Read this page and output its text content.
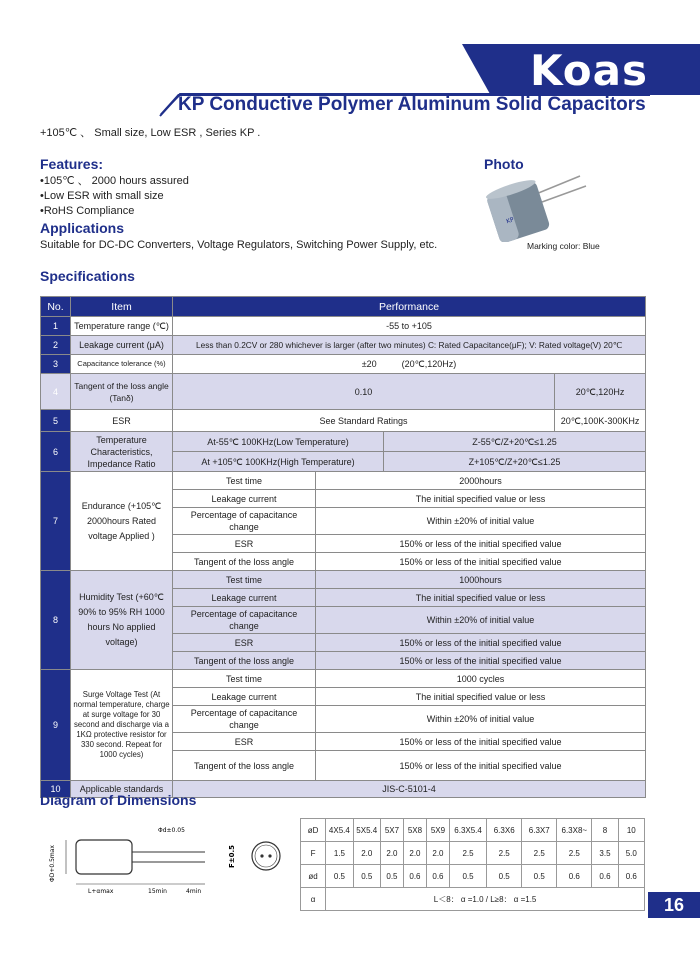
Koas
KP Conductive Polymer Aluminum Solid Capacitors
+105℃ 、 Small size, Low ESR , Series KP .
Features:
•105℃ 、 2000 hours assured
•Low ESR with small size
•RoHS Compliance
Applications
Suitable for DC-DC Converters, Voltage Regulators, Switching Power Supply, etc.
Photo
KP
Marking color: Blue
Specifications
No.	Item	Performance			
1	Temperature range (℃)	-55 to +105			
2	Leakage current (μA)	Less than 0.2CV or 280 whichever is larger (after two minutes) C: Rated Capacitance(μF); V: Rated voltage(V) 20℃			
3	Capacitance tolerance (%)	±20          (20℃,120Hz)			
4	Tangent of the loss angle (Tanδ)	0.10			20℃,120Hz
5	ESR	See Standard Ratings			20℃,100K-300KHz
6	Temperature Characteristics, Impedance Ratio	At-55℃ 100KHz(Low Temperature)		Z-55℃/Z+20℃≤1.25	
		At +105℃ 100KHz(High Temperature)		Z+105℃/Z+20℃≤1.25	
7	Endurance (+105℃ 2000hours Rated voltage Applied )	Test time	2000hours		
		Leakage current	The initial specified value or less		
		Percentage of capacitance change	Within ±20% of initial value		
		ESR	150% or less of the initial specified value		
		Tangent of the loss angle	150% or less of the initial specified value		
8	Humidity Test (+60℃ 90% to 95% RH 1000 hours No applied voltage)	Test time	1000hours		
		Leakage current	The initial specified value or less		
		Percentage of capacitance change	Within ±20% of initial value		
		ESR	150% or less of the initial specified value		
		Tangent of the loss angle	150% or less of the initial specified value		
9	Surge Voltage Test (At normal temperature, charge at surge voltage for 30 second and discharge via a 1KΩ protective resistor for 330 second. Repeat for 1000 cycles)	Test time	1000 cycles		
		Leakage current	The initial specified value or less		
		Percentage of capacitance change	Within ±20% of initial value		
		ESR	150% or less of the initial specified value		
		Tangent of the loss angle	150% or less of the initial specified value		
10	Applicable standards	JIS-C-5101-4			
Diagram of Dimensions
Φd±0.05
ΦD+0.5max
L+αmax	15min	4min
F±0.5
øD	4X5.4	5X5.4	5X7	5X8	5X9	6.3X5.4	6.3X6	6.3X7	6.3X8~	8	10
F	1.5	2.0	2.0	2.0	2.0	2.5	2.5	2.5	2.5	3.5	5.0
ød	0.5	0.5	0.5	0.6	0.6	0.5	0.5	0.5	0.6	0.6	0.6
α	L＜8： α =1.0 / L≥8： α =1.5											16
